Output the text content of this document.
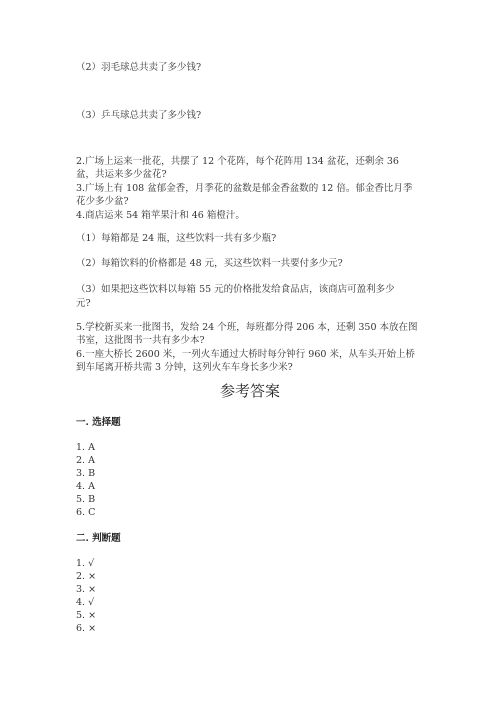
（2）羽毛球总共卖了多少钱?
（3）乒乓球总共卖了多少钱?
2.广场上运来一批花，共摆了 12 个花阵，每个花阵用 134 盆花，还剩余 36
盆，共运来多少盆花?
3.广场上有 108 盆郁金香，月季花的盆数是郁金香盆数的 12 倍。郁金香比月季
花少多少盆?
4.商店运来 54 箱苹果汁和 46 箱橙汁。
（1）每箱都是 24 瓶，这些饮料一共有多少瓶?
（2）每箱饮料的价格都是 48 元，买这些饮料一共要付多少元?
（3）如果把这些饮料以每箱 55 元的价格批发给食品店，该商店可盈利多少
元?
5.学校新买来一批图书，发给 24 个班，每班都分得 206 本，还剩 350 本放在图
书室，这批图书一共有多少本?
6.一座大桥长 2600 米，一列火车通过大桥时每分钟行 960 米，从车头开始上桥
到车尾离开桥共需 3 分钟，这列火车车身长多少米?
参考答案
一. 选择题
1. A
2. A
3. B
4. A
5. B
6. C
二. 判断题
1. √
2. ×
3. ×
4. √
5. ×
6. ×
